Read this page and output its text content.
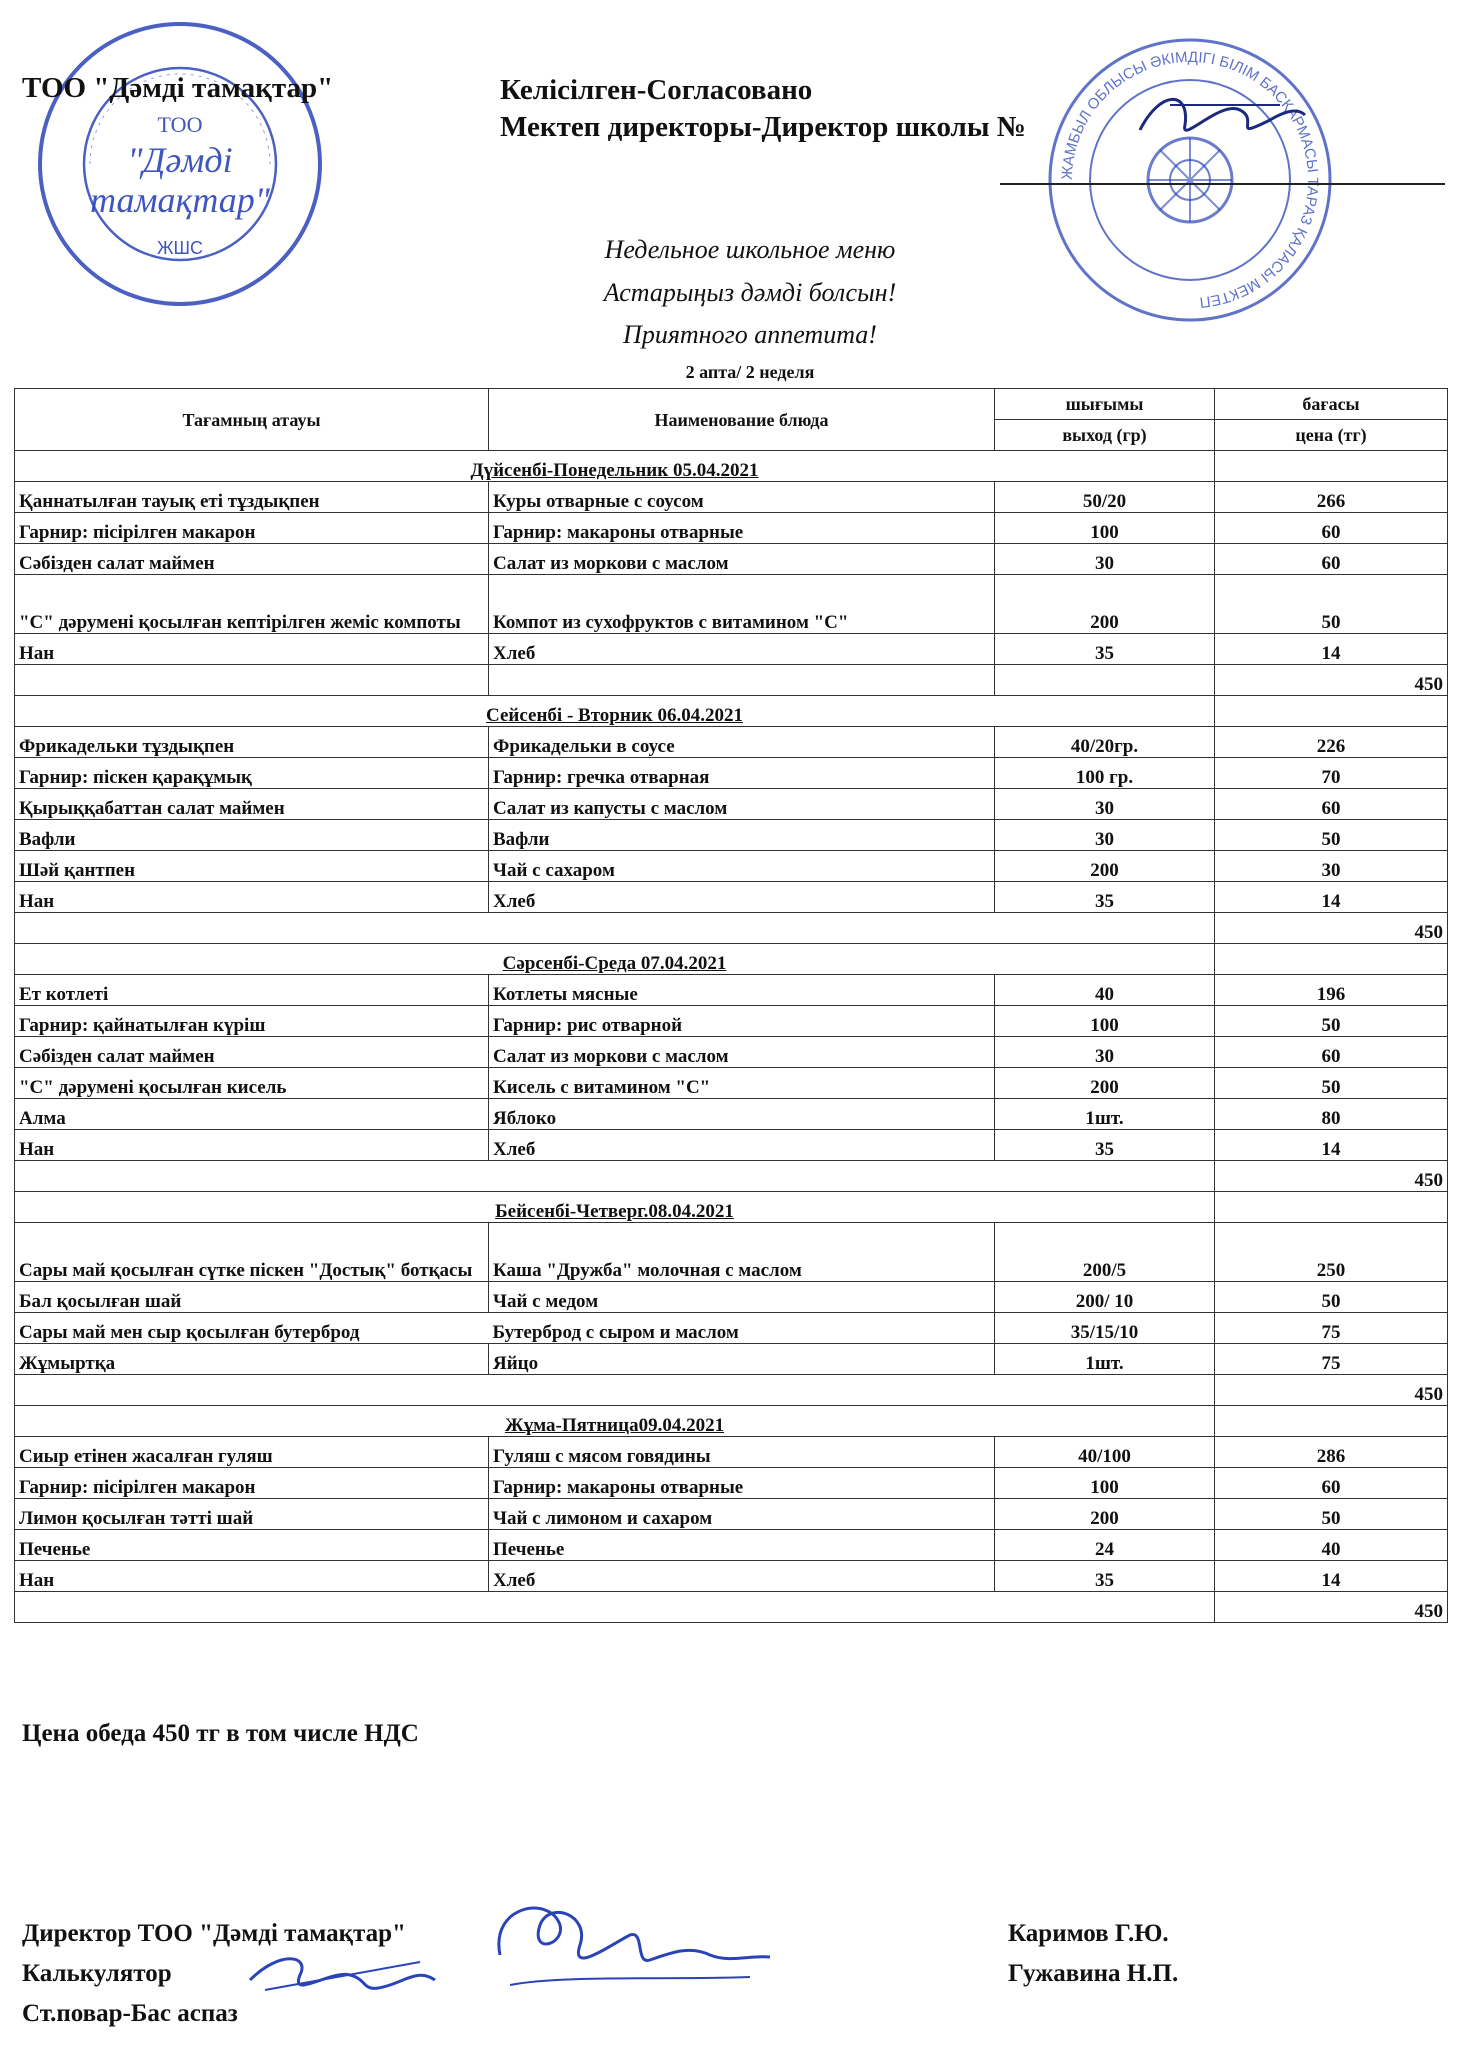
ТОО
"Дәмді
тамақтар"
ЖШС
ЖАМБЫЛ ОБЛЫСЫ ӘКІМДІГІ БІЛІМ БАСҚАРМАСЫ ТАРАЗ ҚАЛАСЫ МЕКТЕП
ТОО "Дәмді тамақтар"	Келісілген-Согласовано
Мектеп директоры-Директор школы №
Недельное школьное меню
Астарыңыз дәмді болсын!
Приятного аппетита!
2 апта/ 2 неделя
Тағамның атауы	Наименование блюда	шығымы	бағасы
		выход (гр)	цена (тг)
Дүйсенбі-Понедельник 05.04.2021			
Қаннатылған тауық еті тұздықпен	Куры отварные с соусом	50/20	266
Гарнир: пісірілген макарон	Гарнир: макароны отварные	100	60
Сәбізден салат маймен	Салат из моркови с маслом	30	60
"С" дәрумені қосылған кептірілген жеміс компоты	Компот из сухофруктов с витамином "С"	200	50
Нан	Хлеб	35	14
			450
Сейсенбі - Вторник 06.04.2021			
Фрикадельки тұздықпен	Фрикадельки в соусе	40/20гр.	226
Гарнир: піскен қарақұмық	Гарнир: гречка отварная	100 гр.	70
Қырыққабаттан салат маймен	Салат из капусты с маслом	30	60
Вафли	Вафли	30	50
Шәй қантпен	Чай с сахаром	200	30
Нан	Хлеб	35	14
			450
Сәрсенбі-Среда 07.04.2021			
Ет котлеті	Котлеты мясные	40	196
Гарнир: қайнатылған күріш	Гарнир: рис отварной	100	50
Сәбізден салат маймен	Салат из моркови с маслом	30	60
"С" дәрумені қосылған кисель	Кисель с витамином "С"	200	50
Алма	Яблоко	1шт.	80
Нан	Хлеб	35	14
			450
Бейсенбі-Четверг.08.04.2021			
Сары май қосылған сүтке піскен "Достық" ботқасы	Каша "Дружба" молочная с маслом	200/5	250
Бал қосылған шай	Чай с медом	200/ 10	50
Сары май мен сыр қосылған бутерброд	Бутерброд с сыром и маслом	35/15/10	75
Жұмыртқа	Яйцо	1шт.	75
			450
Жұма-Пятница09.04.2021			
Сиыр етінен жасалған гуляш	Гуляш с мясом говядины	40/100	286
Гарнир: пісірілген макарон	Гарнир: макароны отварные	100	60
Лимон қосылған тәтті шай	Чай с лимоном и сахаром	200	50
Печенье	Печенье	24	40
Нан	Хлеб	35	14
			450
Цена обеда 450 тг в том числе НДС
Директор ТОО "Дәмді тамақтар"
Калькулятор
Ст.повар-Бас аспаз
Каримов Г.Ю.
Гужавина Н.П.
